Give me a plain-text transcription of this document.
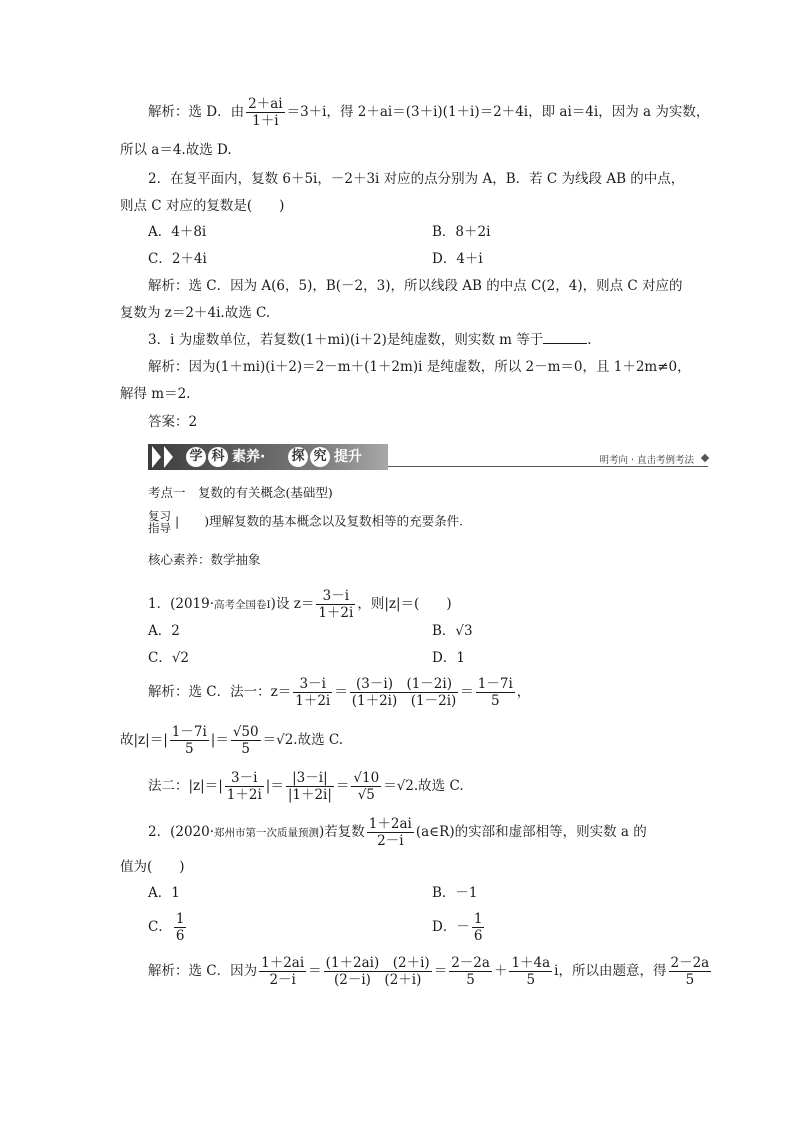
解析：选 D．由 $\frac{2+ai}{1+i} =3+i$，得 2＋ai＝(3＋i)(1＋i)＝2＋4i，即 ai＝4i，因为 a 为实数，
所以 a＝4.故选 D.
2．在复平面内，复数 6＋5i，－2＋3i 对应的点分别为 A，B．若 C 为线段 AB 的中点，
则点 C 对应的复数是(　　)
A．4＋8i	B．8＋2i
C．2＋4i	D．4＋i
解析：选 C．因为 A(6，5)，B(－2，3)，所以线段 AB 的中点 C(2，4)，则点 C 对应的
复数为 z＝2＋4i.故选 C.
3．i 为虚数单位，若复数(1＋mi)(i＋2)是纯虚数，则实数 m 等于	.
解析：因为(1＋mi)(i＋2)＝2－m＋(1＋2m)i 是纯虚数，所以 2－m＝0，且 1＋2m≠0，
解得 m＝2.
答案：2
学 科 素养· 探 究 提升	明考向 · 直击考例考法
考点一　复数的有关概念(基础型)
复习
指导 |　　)理解复数的基本概念以及复数相等的充要条件.
核心素养：数学抽象
1．(2019·高考全国卷Ⅰ)设 $z= \frac{3-i}{1+2i}$ ，则|z|＝(　　)
A．2	B．√3
C．√2	D．1
解析：选 C．法一：$z= \frac{3-i}{1+2i} = \frac{(3-i) (1-2i)}{(1+2i) (1-2i)} = \frac{1-7i}{5}$ ，
故$|z|=| \frac{1-7i}{5}$ |＝ $\frac{√50}{5} =√2$.故选 C.
法二：$|z|=| \frac{3-i}{1+2i}$ |＝ $\frac{|3-i|}{|1+2i|} = \frac{√10}{√5} =√2$.故选 C.
2．(2020·郑州市第一次质量预测)若复数 $\frac{1+2ai}{2-i}$ (a∈R)的实部和虚部相等，则实数 a 的
值为(　　)
A．1	B．－1
C． $\frac{1}{6}$	D．－ $\frac{1}{6}$
解析：选 C．因为 $\frac{1+2ai}{2-i} = \frac{(1+2ai) (2+i)}{(2-i) (2+i)} = \frac{2-2a}{5} + \frac{1+4a}{5}$ i，所以由题意，得 $\frac{2-2a}{5}$
